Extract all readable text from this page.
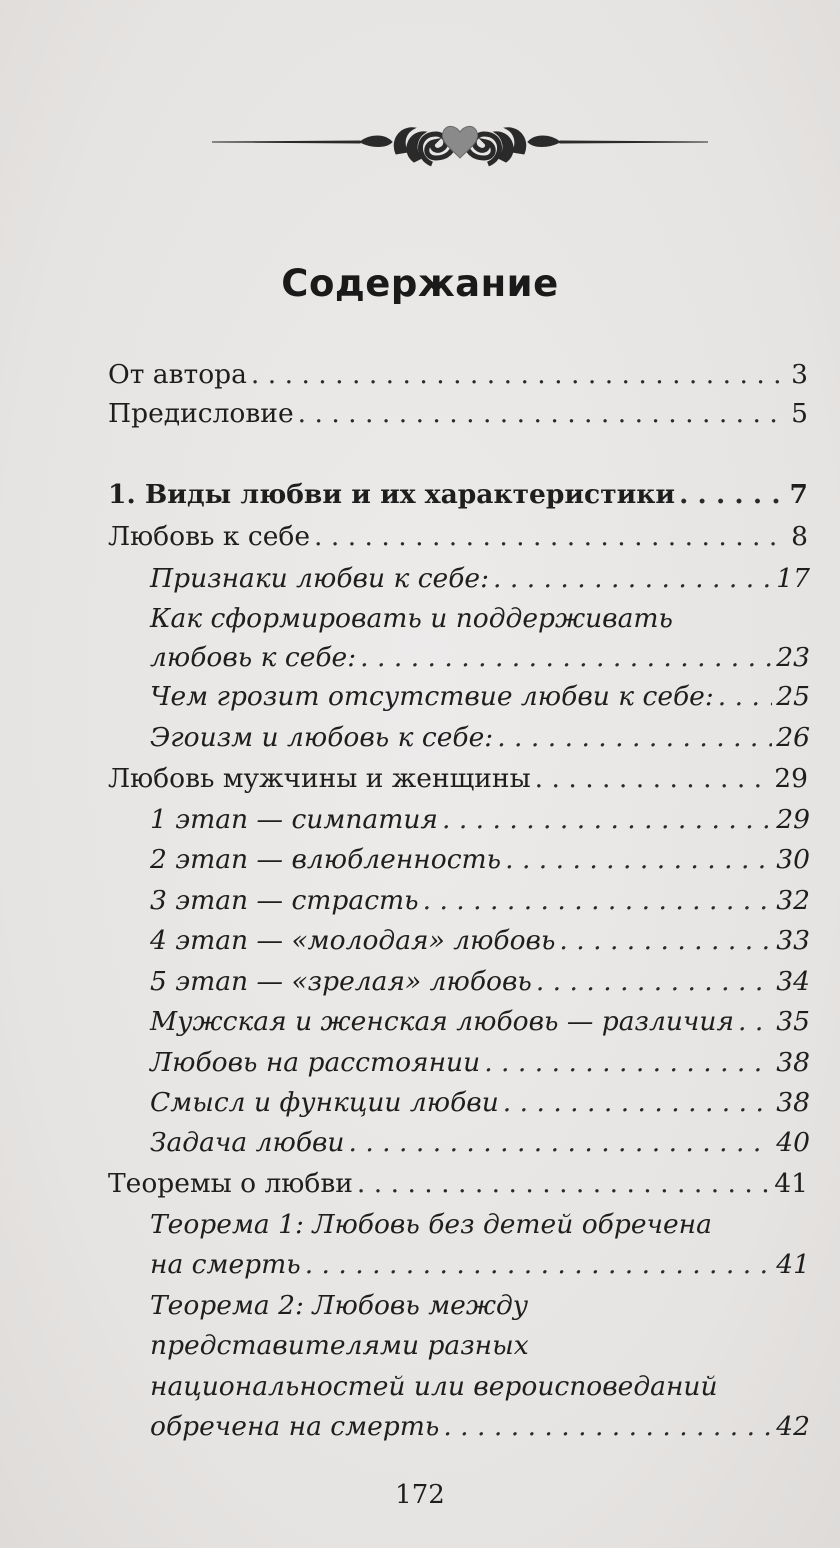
Содержание
От автора . . .	3
Предисловие . . .	5
1. Виды любви и их характеристики . . .	7
Любовь к себе . . .	8
Признаки любви к себе: . . .	17
Как сформировать и поддерживать
любовь к себе: . . .	23
Чем грозит отсутствие любви к себе: . . . 25
Эгоизм и любовь к себе: . . .	26
Любовь мужчины и женщины . . .	29
1 этап — симпатия . . .	29
2 этап — влюбленность . . .	30
3 этап — страсть . . .	32
4 этап — «молодая» любовь . . .	33
5 этап — «зрелая» любовь . . .	34
Мужская и женская любовь — различия . . . 35
Любовь на расстоянии . . .	38
Смысл и функции любви . . .	38
Задача любви . . .	40
Теоремы о любви . . .	41
Теорема 1: Любовь без детей обречена
на смерть . . .	41
Теорема 2: Любовь между
представителями разных
национальностей или вероисповеданий
обречена на смерть . . .	42
172
